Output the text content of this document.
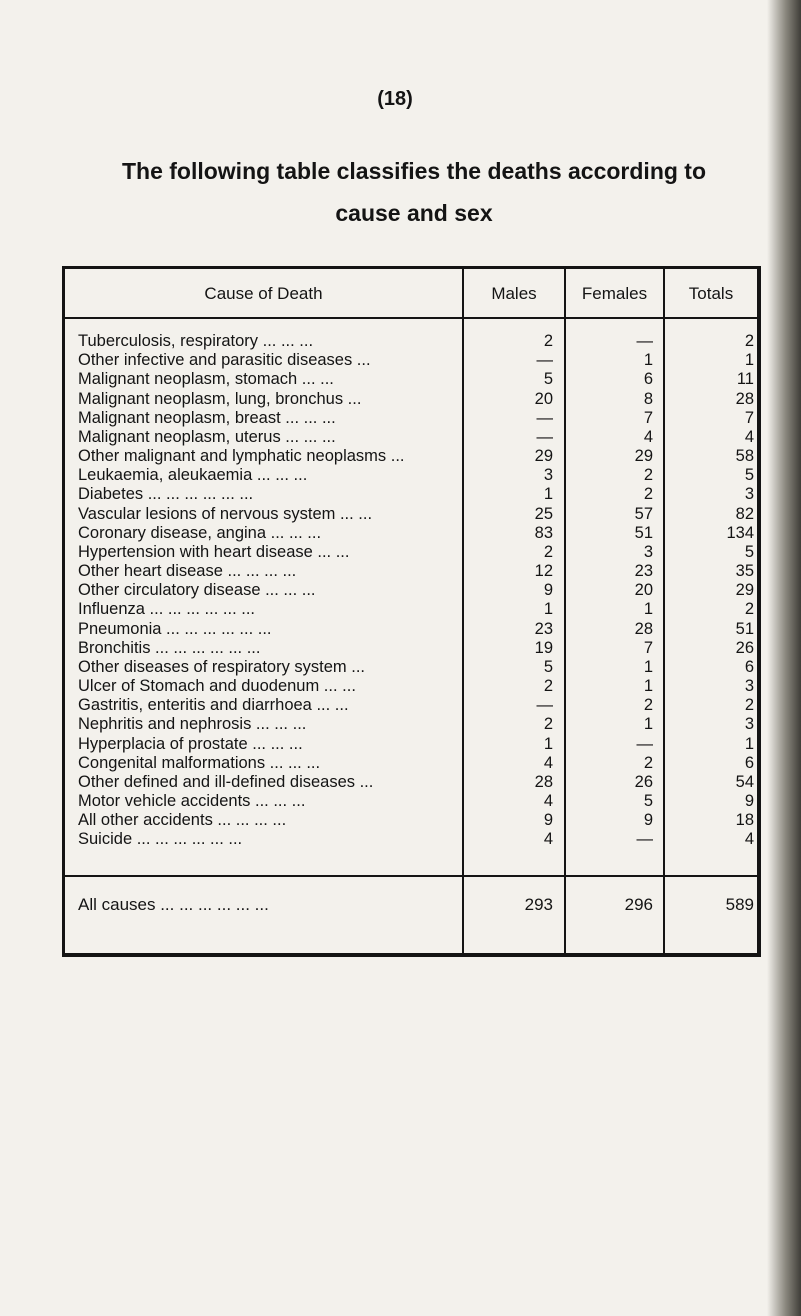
(18)
The following table classifies the deaths according to
cause and sex
Cause of Death	Males	Females	Totals
Tuberculosis, respiratory ... ... ...	2	—	2
Other infective and parasitic diseases ...	—	1	1
Malignant neoplasm, stomach ... ...	5	6	11
Malignant neoplasm, lung, bronchus ...	20	8	28
Malignant neoplasm, breast ... ... ...	—	7	7
Malignant neoplasm, uterus ... ... ...	—	4	4
Other malignant and lymphatic neoplasms ...	29	29	58
Leukaemia, aleukaemia ... ... ...	3	2	5
Diabetes ... ... ... ... ... ...	1	2	3
Vascular lesions of nervous system ... ...	25	57	82
Coronary disease, angina ... ... ...	83	51	134
Hypertension with heart disease ... ...	2	3	5
Other heart disease ... ... ... ...	12	23	35
Other circulatory disease ... ... ...	9	20	29
Influenza ... ... ... ... ... ...	1	1	2
Pneumonia ... ... ... ... ... ...	23	28	51
Bronchitis ... ... ... ... ... ...	19	7	26
Other diseases of respiratory system ...	5	1	6
Ulcer of Stomach and duodenum ... ...	2	1	3
Gastritis, enteritis and diarrhoea ... ...	—	2	2
Nephritis and nephrosis ... ... ...	2	1	3
Hyperplacia of prostate ... ... ...	1	—	1
Congenital malformations ... ... ...	4	2	6
Other defined and ill-defined diseases ...	28	26	54
Motor vehicle accidents ... ... ...	4	5	9
All other accidents ... ... ... ...	9	9	18
Suicide ... ... ... ... ... ...	4	—	4
All causes ... ... ... ... ... ...	293	296	589
